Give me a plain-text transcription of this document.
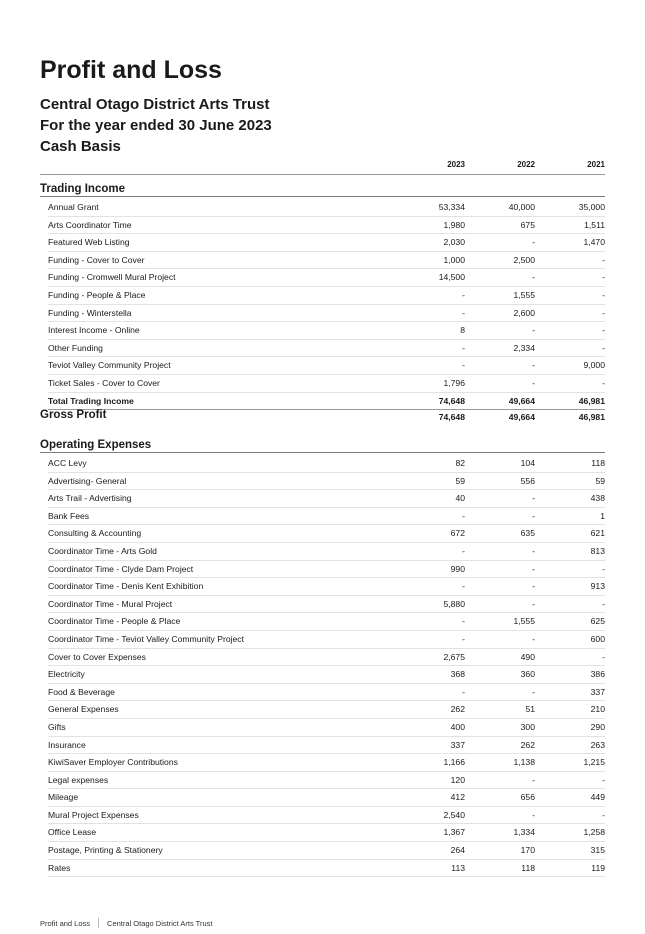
Profit and Loss
Central Otago District Arts Trust
For the year ended 30 June 2023
Cash Basis
2023	2022	2021
Trading Income
Annual Grant	53,334	40,000	35,000
Arts Coordinator Time	1,980	675	1,511
Featured Web Listing	2,030	-	1,470
Funding - Cover to Cover	1,000	2,500	-
Funding - Cromwell Mural Project	14,500	-	-
Funding - People & Place	-	1,555	-
Funding - Winterstella	-	2,600	-
Interest Income - Online	8	-	-
Other Funding	-	2,334	-
Teviot Valley Community Project	-	-	9,000
Ticket Sales - Cover to Cover	1,796	-	-
Total Trading Income	74,648	49,664	46,981
Gross Profit	74,648	49,664	46,981
Operating Expenses
ACC Levy	82	104	118
Advertising- General	59	556	59
Arts Trail - Advertising	40	-	438
Bank Fees	-	-	1
Consulting & Accounting	672	635	621
Coordinator Time - Arts Gold	-	-	813
Coordinator Time - Clyde Dam Project	990	-	-
Coordinator Time - Denis Kent Exhibition	-	-	913
Coordinator Time - Mural Project	5,880	-	-
Coordinator Time - People & Place	-	1,555	625
Coordinator Time - Teviot Valley Community Project	-	-	600
Cover to Cover Expenses	2,675	490	-
Electricity	368	360	386
Food & Beverage	-	-	337
General Expenses	262	51	210
Gifts	400	300	290
Insurance	337	262	263
KiwiSaver Employer Contributions	1,166	1,138	1,215
Legal expenses	120	-	-
Mileage	412	656	449
Mural Project Expenses	2,540	-	-
Office Lease	1,367	1,334	1,258
Postage, Printing & Stationery	264	170	315
Rates	113	118	119
Profit and Loss Central Otago District Arts Trust
